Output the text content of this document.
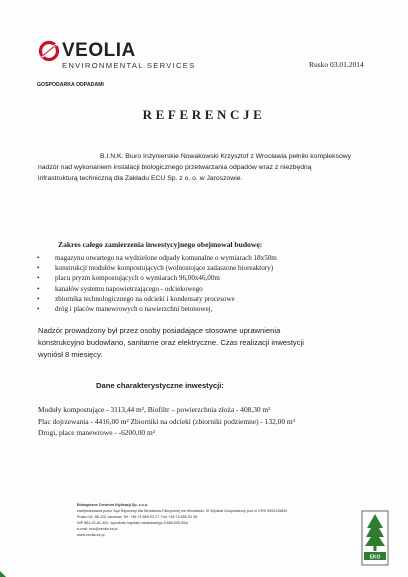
VEOLIA
ENVIRONMENTAL SERVICES	Rusko 03.01.2014
GOSPODARKA ODPADAMI
REFERENCJE

B.I.N.K. Biuro Inżynierskie Nowakowski Krzysztof z Wrocławia pełniło kompleksowy

nadzór nad wykonaniem instalacji biologicznego przetwarzania odpadów wraz z niezbędną

infrastrukturą techniczną dla Zakładu ECU Sp. z o. o. w Jaroszowie.

Zakres całego zamierzenia inwestycyjnego obejmował budowę:
• magazynu otwartego na wydzielone odpady komunalne o wymiarach 18x50m
• konstrukcji modułów kompostujących (wolnostojące zadaszone bioreaktory)
• placu pryzm kompostujących o wymiarach 96,00x46,00m
• kanałów systemu napowietrzającego - odciekowego
• zbiornika technologicznego na odcieki i kondensaty procesowe
• dróg i placów manewrowych o nawierzchni betonowej,

Nadzór prowadzony był przez osoby posiadające stosowne uprawnienia

konstrukcyjno budowlano, sanitarne oraz elektryczne. Czas realizacji inwestycji

wyniósł 8 miesięcy.

Dane charakterystyczne inwestycji:

Moduły kompostujące - 3113,44 m², Biofiltr – powierzchnia złoża - 408,30 m²

Plac dojrzewania - 4416,00 m² Zbiorniki na odcieki (zbiorniki podziemne) - 132,00 m³

Drogi, place manewrowe - -6200,00 m²

Biologiczne Centrum Utylizacji Sp. z o.o.

zarejestrowana przez Sąd Rejonowy dla Wrocławia-Fabrycznej we Wrocławiu, IX Wydział Gospodarczy pod nr KRS 0000115830

Rusko 64, 58-120 Jaroslaw, Tel. +48 74 855 93 27, Fax +48 74 855 93 28

NIP 884-22-81-402, wysokość kapitału zakładowego 5.665.000,00zł

e-mail: ecu@veolia-es.pl

www.veolia-es.pl

EKO
